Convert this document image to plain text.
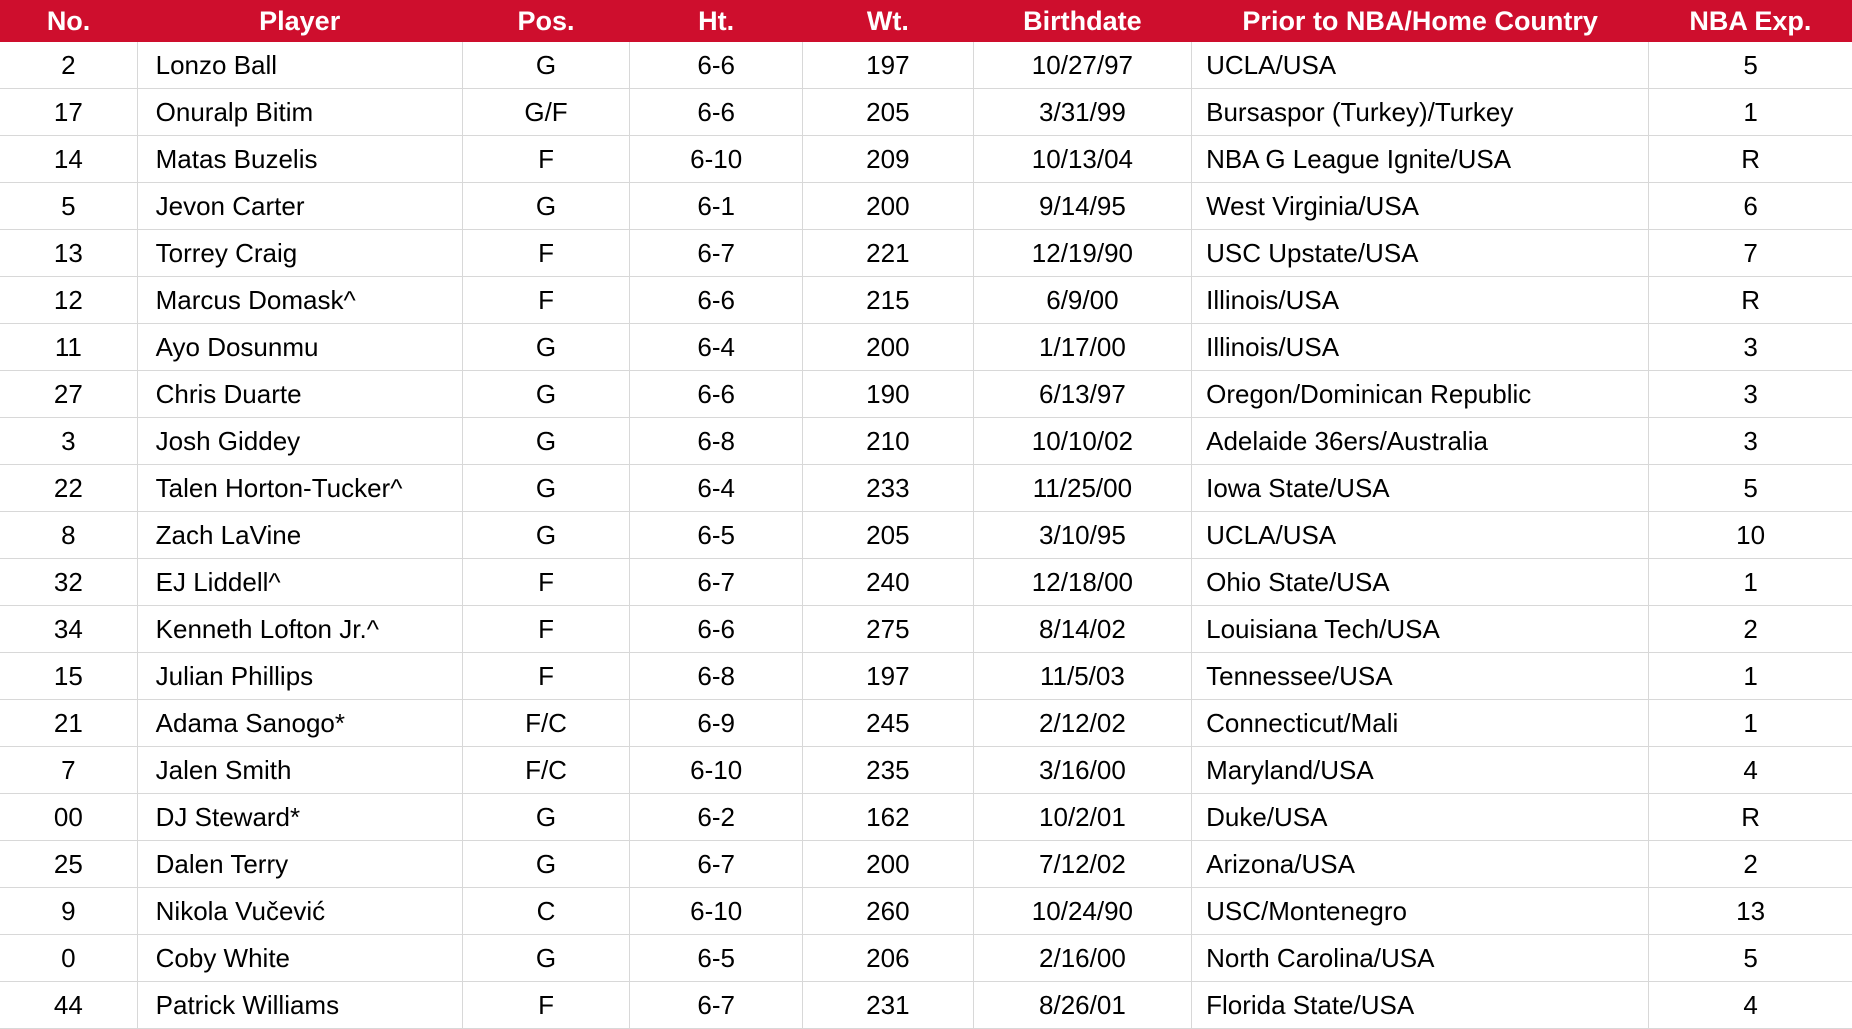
No.	Player	Pos.	Ht.	Wt.	Birthdate	Prior to NBA/Home Country	NBA Exp.
2	Lonzo Ball	G	6-6	197	10/27/97	UCLA/USA	5
17	Onuralp Bitim	G/F	6-6	205	3/31/99	Bursaspor (Turkey)/Turkey	1
14	Matas Buzelis	F	6-10	209	10/13/04	NBA G League Ignite/USA	R
5	Jevon Carter	G	6-1	200	9/14/95	West Virginia/USA	6
13	Torrey Craig	F	6-7	221	12/19/90	USC Upstate/USA	7
12	Marcus Domask^	F	6-6	215	6/9/00	Illinois/USA	R
11	Ayo Dosunmu	G	6-4	200	1/17/00	Illinois/USA	3
27	Chris Duarte	G	6-6	190	6/13/97	Oregon/Dominican Republic	3
3	Josh Giddey	G	6-8	210	10/10/02	Adelaide 36ers/Australia	3
22	Talen Horton-Tucker^	G	6-4	233	11/25/00	Iowa State/USA	5
8	Zach LaVine	G	6-5	205	3/10/95	UCLA/USA	10
32	EJ Liddell^	F	6-7	240	12/18/00	Ohio State/USA	1
34	Kenneth Lofton Jr.^	F	6-6	275	8/14/02	Louisiana Tech/USA	2
15	Julian Phillips	F	6-8	197	11/5/03	Tennessee/USA	1
21	Adama Sanogo*	F/C	6-9	245	2/12/02	Connecticut/Mali	1
7	Jalen Smith	F/C	6-10	235	3/16/00	Maryland/USA	4
00	DJ Steward*	G	6-2	162	10/2/01	Duke/USA	R
25	Dalen Terry	G	6-7	200	7/12/02	Arizona/USA	2
9	Nikola Vučević	C	6-10	260	10/24/90	USC/Montenegro	13
0	Coby White	G	6-5	206	2/16/00	North Carolina/USA	5
44	Patrick Williams	F	6-7	231	8/26/01	Florida State/USA	4
